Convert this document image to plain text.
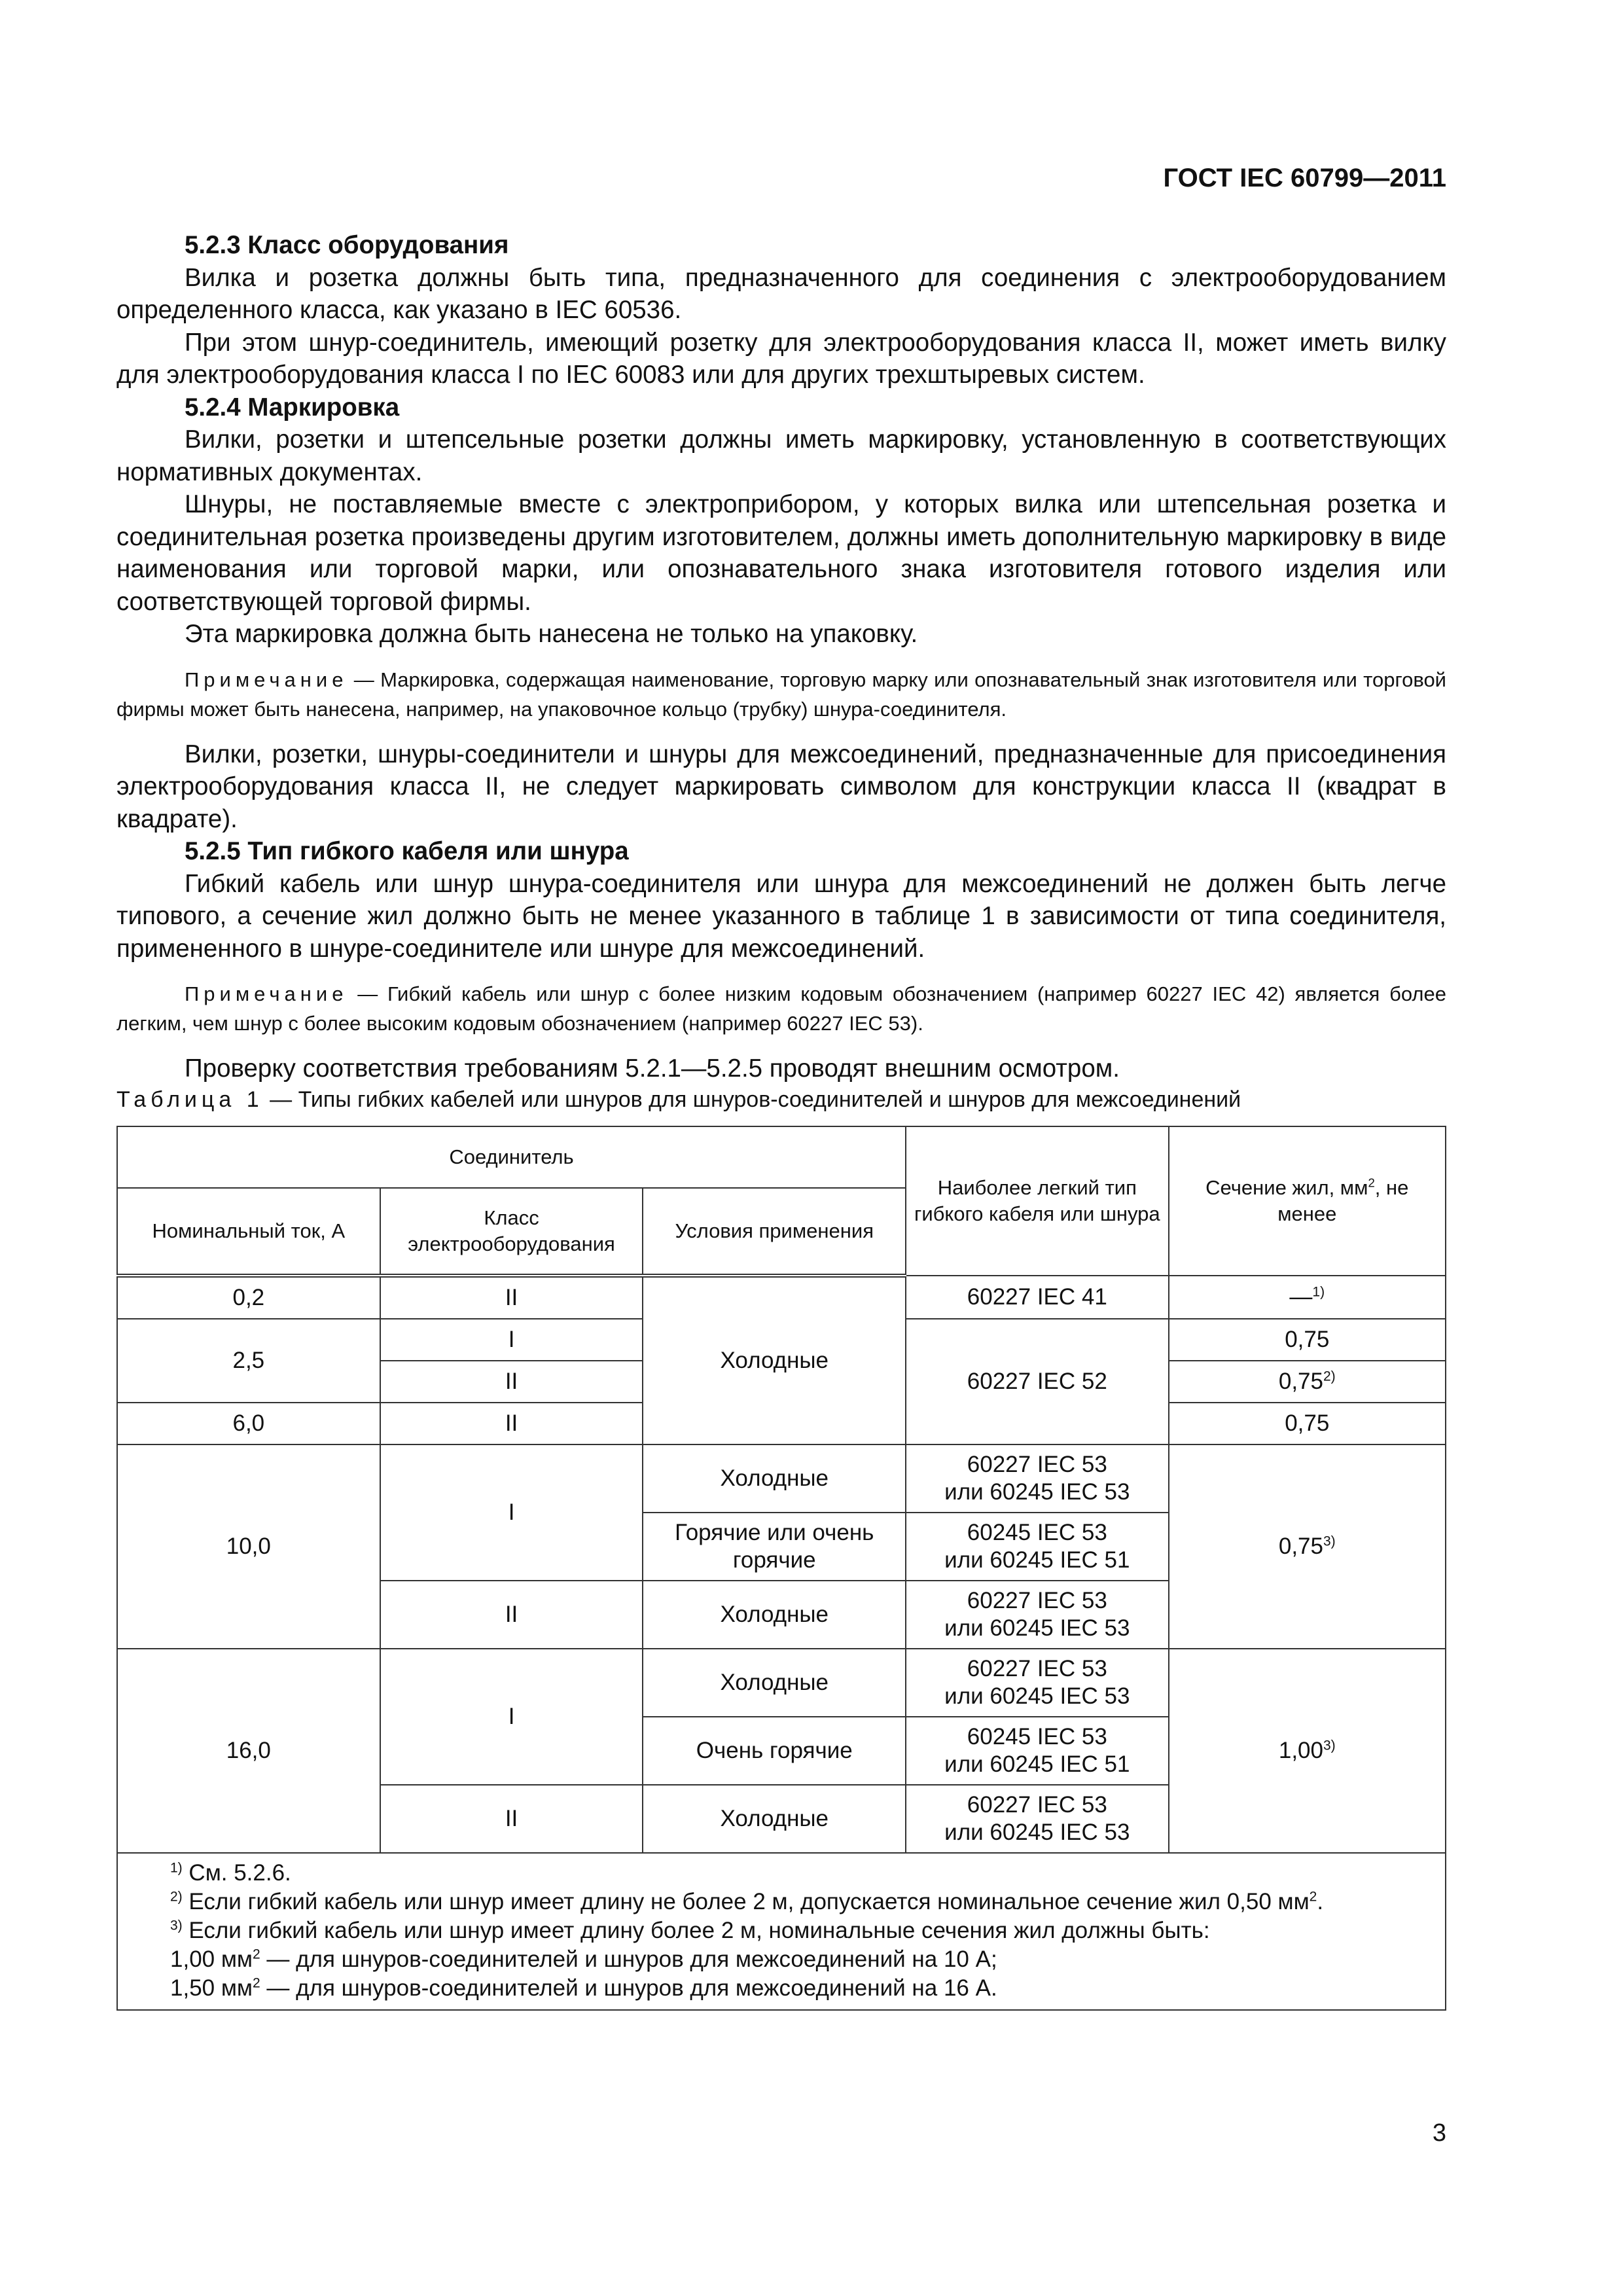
ГОСТ IEC 60799—2011

5.2.3 Класс оборудования

Вилка и розетка должны быть типа, предназначенного для соединения с электрооборудованием определенного класса, как указано в IEC 60536.

При этом шнур-соединитель, имеющий розетку для электрооборудования класса II, может иметь вилку для электрооборудования класса I по IEC 60083 или для других трехштыревых систем.

5.2.4 Маркировка

Вилки, розетки и штепсельные розетки должны иметь маркировку, установленную в соответствующих нормативных документах.

Шнуры, не поставляемые вместе с электроприбором, у которых вилка или штепсельная розетка и соединительная розетка произведены другим изготовителем, должны иметь дополнительную маркировку в виде наименования или торговой марки, или опознавательного знака изготовителя готового изделия или соответствующей торговой фирмы.

Эта маркировка должна быть нанесена не только на упаковку.

Примечание — Маркировка, содержащая наименование, торговую марку или опознавательный знак изготовителя или торговой фирмы может быть нанесена, например, на упаковочное кольцо (трубку) шнура-соединителя.

Вилки, розетки, шнуры-соединители и шнуры для межсоединений, предназначенные для присоединения электрооборудования класса II, не следует маркировать символом для конструкции класса II (квадрат в квадрате).

5.2.5 Тип гибкого кабеля или шнура

Гибкий кабель или шнур шнура-соединителя или шнура для межсоединений не должен быть легче типового, а сечение жил должно быть не менее указанного в таблице 1 в зависимости от типа соединителя, примененного в шнуре-соединителе или шнуре для межсоединений.

Примечание — Гибкий кабель или шнур с более низким кодовым обозначением (например 60227 IEC 42) является более легким, чем шнур с более высоким кодовым обозначением (например 60227 IEC 53).

Проверку соответствия требованиям 5.2.1—5.2.5 проводят внешним осмотром.

Таблица 1 — Типы гибких кабелей или шнуров для шнуров-соединителей и шнуров для межсоединений

Соединитель			Наиболее легкий тип гибкого кабеля или шнура	Сечение жил, $мм^2$, не менее
Номинальный ток, А	Класс электрооборудования	Условия применения		
0,2	II	Холодные	60227 IEC 41	—$^{1)}$
2,5	I		60227 IEC 52	0,75
	II			0,75$^{2)}$
6,0	II			0,75
10,0	I	Холодные	60227 IEC 53
или 60245 IEC 53	0,75$^{3)}$
		Горячие или очень горячие	60245 IEC 53
или 60245 IEC 51	

	II	Холодные	60227 IEC 53
или 60245 IEC 53	

16,0	I	Холодные	60227 IEC 53
или 60245 IEC 53	1,00$^{3)}$
		Очень горячие	60245 IEC 53
или 60245 IEC 51	

	II	Холодные	60227 IEC 53
или 60245 IEC 53	

$^{1)}$ См. 5.2.6.
$^{2)}$ Если гибкий кабель или шнур имеет длину не более 2 м, допускается номинальное сечение жил 0,50 $мм^2$.
$^{3)}$ Если гибкий кабель или шнур имеет длину более 2 м, номинальные сечения жил должны быть:
1,00 $мм^2$ — для шнуров-соединителей и шнуров для межсоединений на 10 А;
1,50 $мм^2$ — для шнуров-соединителей и шнуров для межсоединений на 16 А.				
3
